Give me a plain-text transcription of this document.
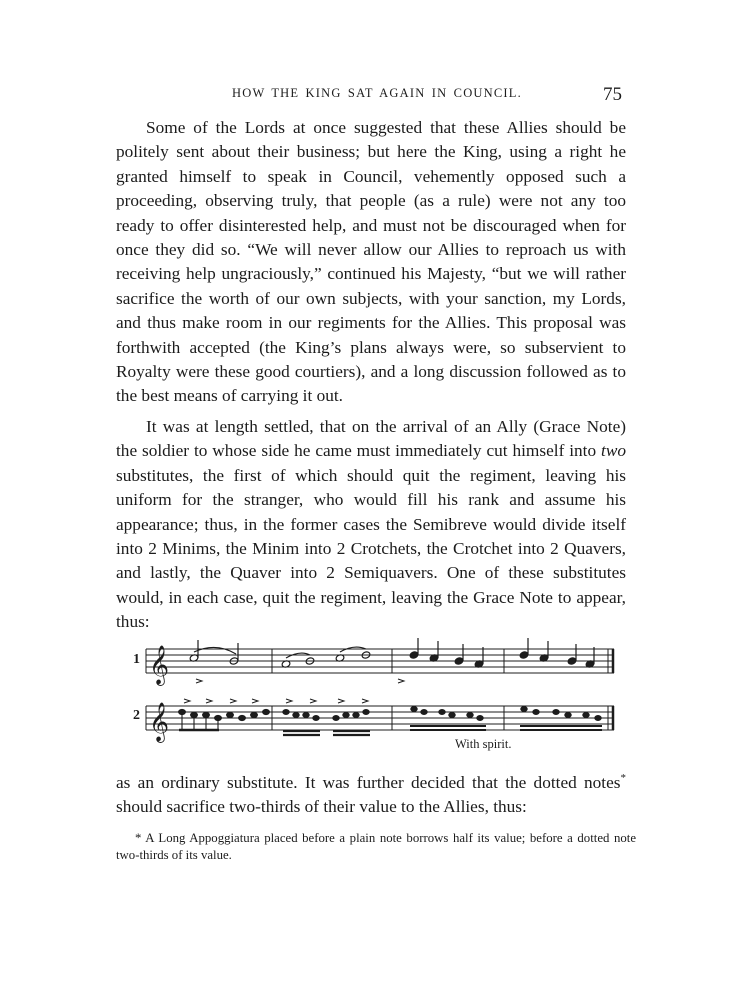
HOW THE KING SAT AGAIN IN COUNCIL.	75

Some of the Lords at once suggested that these Allies should be politely sent about their business; but here the King, using a right he granted himself to speak in Council, vehemently opposed such a proceeding, observing truly, that people (as a rule) were not any too ready to offer disinterested help, and must not be discouraged when for once they did so. “We will never allow our Allies to reproach us with receiving help ungraciously,” continued his Majesty, “but we will rather sacrifice the worth of our own subjects, with your sanction, my Lords, and thus make room in our regiments for the Allies. This proposal was forthwith accepted (the King’s plans always were, so subservient to Royalty were these good courtiers), and a long discussion followed as to the best means of carrying it out.

It was at length settled, that on the arrival of an Ally (Grace Note) the soldier to whose side he came must immediately cut himself into two substitutes, the first of which should quit the regiment, leaving his uniform for the stranger, who would fill his rank and assume his appearance; thus, in the former cases the Semibreve would divide itself into 2 Minims, the Minim into 2 Crotchets, the Crotchet into 2 Quavers, and lastly, the Quaver into 2 Semiquavers. One of these substitutes would, in each case, quit the regiment, leaving the Grace Note to appear, thus:

𝄞
𝄞
With spirit.
1
2

as an ordinary substitute. It was further decided that the dotted notes* should sacrifice two-thirds of their value to the Allies, thus:

* A Long Appoggiatura placed before a plain note borrows half its value; before a dotted note two-thirds of its value.
